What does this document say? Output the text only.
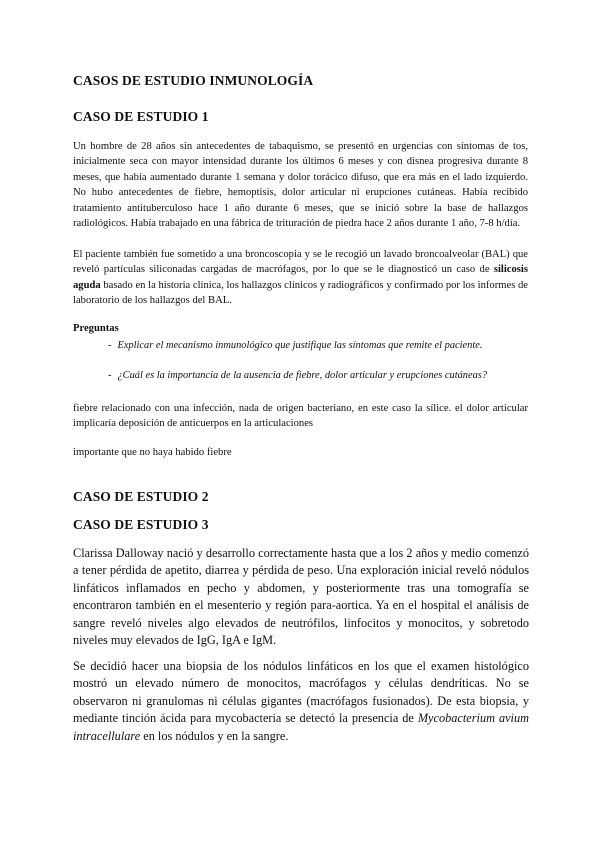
CASOS DE ESTUDIO INMUNOLOGÍA
CASO DE ESTUDIO 1
Un hombre de 28 años sin antecedentes de tabaquismo, se presentó en urgencias con síntomas de tos, inicialmente seca con mayor intensidad durante los últimos 6 meses y con disnea progresiva durante 8 meses, que había aumentado durante 1 semana y dolor torácico difuso, que era más en el lado izquierdo. No hubo antecedentes de fiebre, hemoptisis, dolor articular ni erupciones cutáneas. Había recibido tratamiento antituberculoso hace 1 año durante 6 meses, que se inició sobre la base de hallazgos radiológicos. Había trabajado en una fábrica de trituración de piedra hace 2 años durante 1 año, 7-8 h/día.
El paciente también fue sometido a una broncoscopia y se le recogió un lavado broncoalveolar (BAL) que reveló partículas siliconadas cargadas de macrófagos, por lo que se le diagnosticó un caso de silicosis aguda basado en la historia clínica, los hallazgos clínicos y radiográficos y confirmado por los informes de laboratorio de los hallazgos del BAL.
Preguntas
- Explicar el mecanismo inmunológico que justifique las síntomas que remite el paciente.
- ¿Cuál es la importancia de la ausencia de fiebre, dolor articular y erupciones cutáneas?
fiebre relacionado con una infección, nada de origen bacteriano, en este caso la sílice. el dolor articular implicaría deposición de anticuerpos en la articulaciones
importante que no haya habido fiebre
CASO DE ESTUDIO 2
CASO DE ESTUDIO 3
Clarissa Dalloway nació y desarrollo correctamente hasta que a los 2 años y medio comenzó a tener pérdida de apetito, diarrea y pérdida de peso. Una exploración inicial reveló nódulos linfáticos inflamados en pecho y abdomen, y posteriormente tras una tomografía se encontraron también en el mesenterio y región para-aortica. Ya en el hospital el análisis de sangre reveló niveles algo elevados de neutrófilos, linfocitos y monocitos, y sobretodo niveles muy elevados de IgG, IgA e IgM.
Se decidió hacer una biopsia de los nódulos linfáticos en los que el examen histológico mostró un elevado número de monocitos, macrófagos y células dendríticas. No se observaron ni granulomas ni células gigantes (macrófagos fusionados). De esta biopsia, y mediante tinción ácida para mycobacteria se detectó la presencia de Mycobacterium avium intracellulare en los nódulos y en la sangre.
